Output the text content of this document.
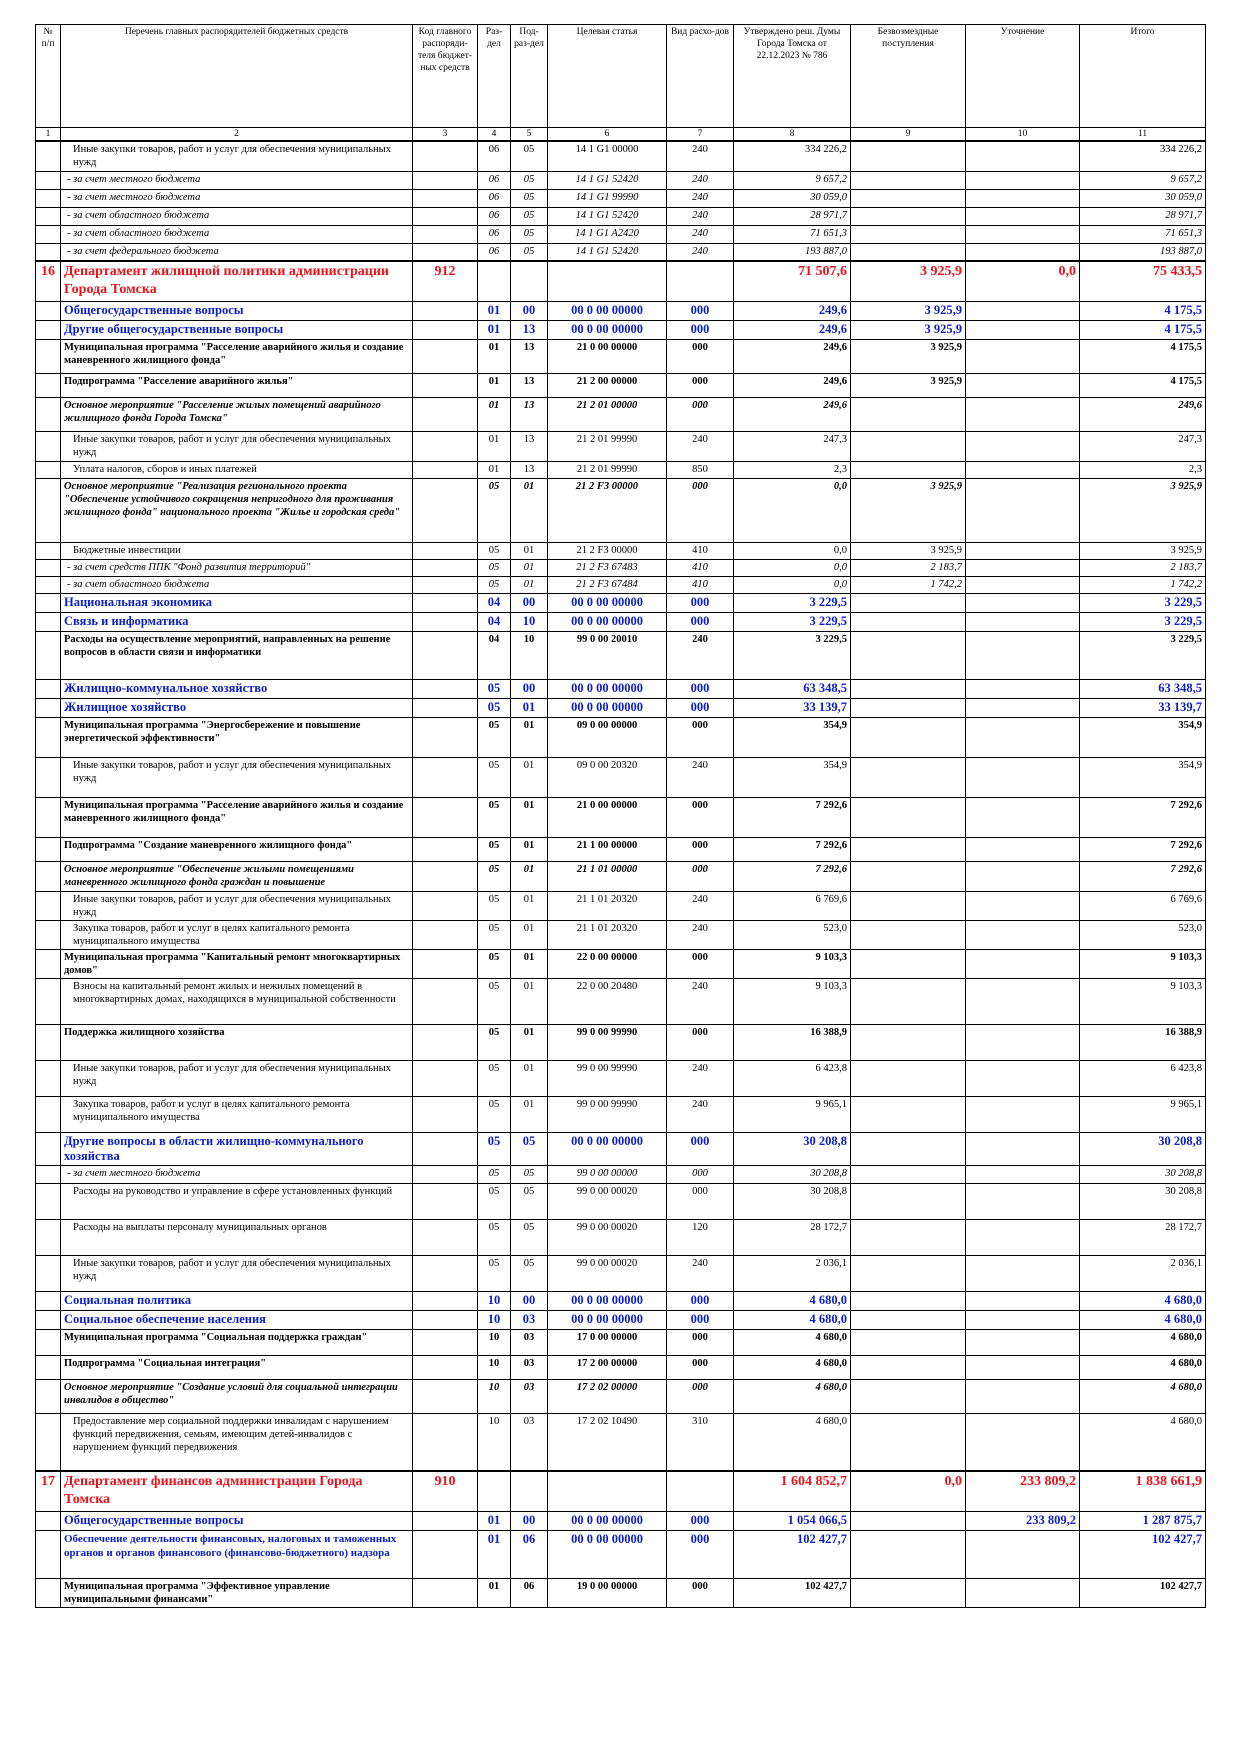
№ п/п	Перечень главных распорядителей бюджетных средств	Код главного распоряди-теля бюджет-ных средств	Раз-дел	Под-раз-дел	Целевая статья	Вид расхо-дов	Утверждено реш. Думы Города Томска от 22.12.2023 № 786	Безвозмездные поступления	Уточнение	Итого
1	2	3	4	5	6	7	8	9	10	11
	Иные закупки товаров, работ и услуг для обеспечения муниципальных нужд		06	05	14 1 G1 00000	240	334 226,2			334 226,2
	- за счет местного бюджета		06	05	14 1 G1 52420	240	9 657,2			9 657,2
	- за счет местного бюджета		06	05	14 1 G1 99990	240	30 059,0			30 059,0
	- за счет областного бюджета		06	05	14 1 G1 52420	240	28 971,7			28 971,7
	- за счет областного бюджета		06	05	14 1 G1 A2420	240	71 651,3			71 651,3
	- за счет федерального бюджета		06	05	14 1 G1 52420	240	193 887,0			193 887,0
16	Департамент жилищной политики администрации Города Томска	912					71 507,6	3 925,9	0,0	75 433,5
	Общегосударственные вопросы		01	00	00 0 00 00000	000	249,6	3 925,9		4 175,5
	Другие общегосударственные вопросы		01	13	00 0 00 00000	000	249,6	3 925,9		4 175,5
	Муниципальная программа "Расселение аварийного жилья и создание маневренного жилищного фонда"		01	13	21 0 00 00000	000	249,6	3 925,9		4 175,5
	Подпрограмма "Расселение аварийного жилья"		01	13	21 2 00 00000	000	249,6	3 925,9		4 175,5
	Основное мероприятие "Расселение жилых помещений аварийного жилищного фонда Города Томска"		01	13	21 2 01 00000	000	249,6			249,6
	Иные закупки товаров, работ и услуг для обеспечения муниципальных нужд		01	13	21 2 01 99990	240	247,3			247,3
	Уплата налогов, сборов и иных платежей		01	13	21 2 01 99990	850	2,3			2,3
	Основное мероприятие "Реализация регионального проекта "Обеспечение устойчивого сокращения непригодного для проживания жилищного фонда" национального проекта "Жилье и городская среда"		05	01	21 2 F3 00000	000	0,0	3 925,9		3 925,9
	Бюджетные инвестиции		05	01	21 2 F3 00000	410	0,0	3 925,9		3 925,9
	- за счет средств ППК "Фонд развития территорий"		05	01	21 2 F3 67483	410	0,0	2 183,7		2 183,7
	- за счет областного бюджета		05	01	21 2 F3 67484	410	0,0	1 742,2		1 742,2
	Национальная экономика		04	00	00 0 00 00000	000	3 229,5			3 229,5
	Связь и информатика		04	10	00 0 00 00000	000	3 229,5			3 229,5
	Расходы на осуществление мероприятий, направленных на решение вопросов в области связи и информатики		04	10	99 0 00 20010	240	3 229,5			3 229,5
	Жилищно-коммунальное хозяйство		05	00	00 0 00 00000	000	63 348,5			63 348,5
	Жилищное хозяйство		05	01	00 0 00 00000	000	33 139,7			33 139,7
	Муниципальная программа "Энергосбережение и повышение энергетической эффективности"		05	01	09 0 00 00000	000	354,9			354,9
	Иные закупки товаров, работ и услуг для обеспечения муниципальных нужд		05	01	09 0 00 20320	240	354,9			354,9
	Муниципальная программа "Расселение аварийного жилья и создание маневренного жилищного фонда"		05	01	21 0 00 00000	000	7 292,6			7 292,6
	Подпрограмма "Создание маневренного жилищного фонда"		05	01	21 1 00 00000	000	7 292,6			7 292,6
	Основное мероприятие "Обеспечение жилыми помещениями маневренного жилищного фонда граждан и повышение		05	01	21 1 01 00000	000	7 292,6			7 292,6
	Иные закупки товаров, работ и услуг для обеспечения муниципальных нужд		05	01	21 1 01 20320	240	6 769,6			6 769,6
	Закупка товаров, работ и услуг в целях капитального ремонта муниципального имущества		05	01	21 1 01 20320	240	523,0			523,0
	Муниципальная программа "Капитальный ремонт многоквартирных домов"		05	01	22 0 00 00000	000	9 103,3			9 103,3
	Взносы на капитальный ремонт жилых и нежилых помещений в многоквартирных домах, находящихся в муниципальной собственности		05	01	22 0 00 20480	240	9 103,3			9 103,3
	Поддержка жилищного хозяйства		05	01	99 0 00 99990	000	16 388,9			16 388,9
	Иные закупки товаров, работ и услуг для обеспечения муниципальных нужд		05	01	99 0 00 99990	240	6 423,8			6 423,8
	Закупка товаров, работ и услуг в целях капитального ремонта муниципального имущества		05	01	99 0 00 99990	240	9 965,1			9 965,1
	Другие вопросы в области жилищно-коммунального хозяйства		05	05	00 0 00 00000	000	30 208,8			30 208,8
	- за счет местного бюджета		05	05	99 0 00 00000	000	30 208,8			30 208,8
	Расходы на руководство и управление в сфере установленных функций		05	05	99 0 00 00020	000	30 208,8			30 208,8
	Расходы на выплаты персоналу муниципальных органов		05	05	99 0 00 00020	120	28 172,7			28 172,7
	Иные закупки товаров, работ и услуг для обеспечения муниципальных нужд		05	05	99 0 00 00020	240	2 036,1			2 036,1
	Социальная политика		10	00	00 0 00 00000	000	4 680,0			4 680,0
	Социальное обеспечение населения		10	03	00 0 00 00000	000	4 680,0			4 680,0
	Муниципальная программа "Социальная поддержка граждан"		10	03	17 0 00 00000	000	4 680,0			4 680,0
	Подпрограмма "Социальная интеграция"		10	03	17 2 00 00000	000	4 680,0			4 680,0
	Основное мероприятие "Создание условий для социальной интеграции инвалидов в общество"		10	03	17 2 02 00000	000	4 680,0			4 680,0
	Предоставление мер социальной поддержки инвалидам с нарушением функций передвижения, семьям, имеющим детей-инвалидов с нарушением функций передвижения		10	03	17 2 02 10490	310	4 680,0			4 680,0
17	Департамент финансов администрации Города Томска	910					1 604 852,7	0,0	233 809,2	1 838 661,9
	Общегосударственные вопросы		01	00	00 0 00 00000	000	1 054 066,5		233 809,2	1 287 875,7
	Обеспечение деятельности финансовых, налоговых и таможенных органов и органов финансового (финансово-бюджетного) надзора		01	06	00 0 00 00000	000	102 427,7			102 427,7
	Муниципальная программа "Эффективное управление муниципальными финансами"		01	06	19 0 00 00000	000	102 427,7			102 427,7
